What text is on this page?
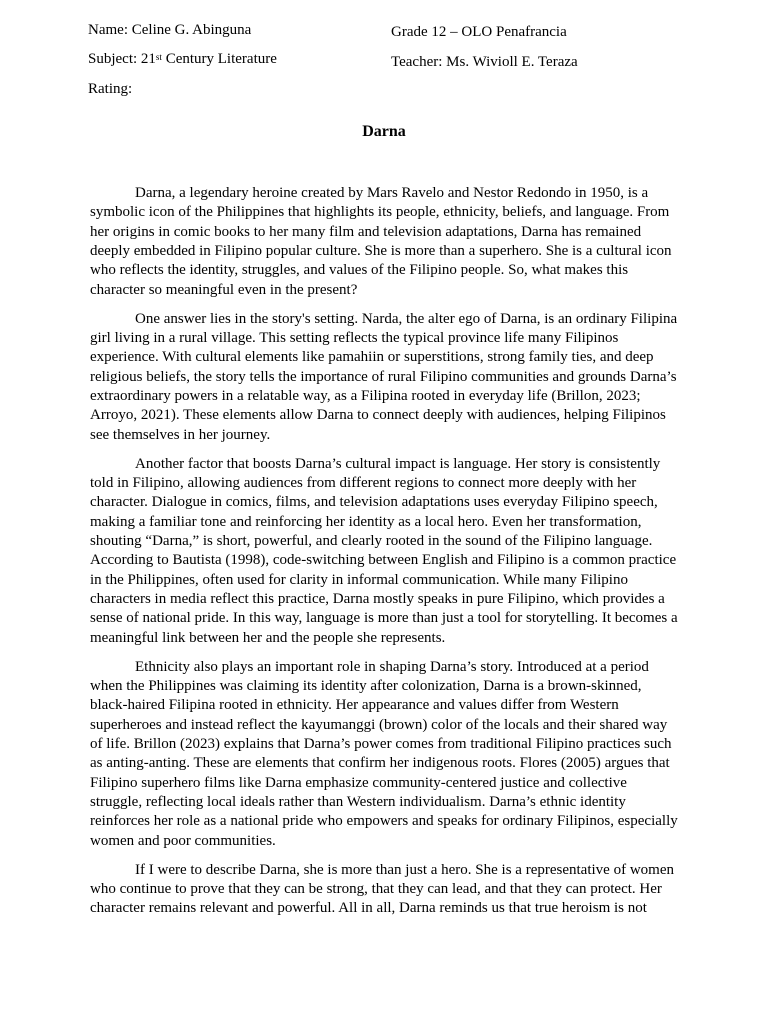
Name: Celine G. Abinguna
Subject: 21st Century Literature
Rating:
Grade 12 – OLO Penafrancia
Teacher: Ms. Wivioll E. Teraza
Darna

Darna, a legendary heroine created by Mars Ravelo and Nestor Redondo in 1950, is a symbolic icon of the Philippines that highlights its people, ethnicity, beliefs, and language. From her origins in comic books to her many film and television adaptations, Darna has remained deeply embedded in Filipino popular culture. She is more than a superhero. She is a cultural icon who reflects the identity, struggles, and values of the Filipino people. So, what makes this character so meaningful even in the present?

One answer lies in the story's setting. Narda, the alter ego of Darna, is an ordinary Filipina girl living in a rural village. This setting reflects the typical province life many Filipinos experience. With cultural elements like pamahiin or superstitions, strong family ties, and deep religious beliefs, the story tells the importance of rural Filipino communities and grounds Darna’s extraordinary powers in a relatable way, as a Filipina rooted in everyday life (Brillon, 2023; Arroyo, 2021). These elements allow Darna to connect deeply with audiences, helping Filipinos see themselves in her journey.

Another factor that boosts Darna’s cultural impact is language. Her story is consistently told in Filipino, allowing audiences from different regions to connect more deeply with her character. Dialogue in comics, films, and television adaptations uses everyday Filipino speech, making a familiar tone and reinforcing her identity as a local hero. Even her transformation, shouting “Darna,” is short, powerful, and clearly rooted in the sound of the Filipino language. According to Bautista (1998), code-switching between English and Filipino is a common practice in the Philippines, often used for clarity in informal communication. While many Filipino characters in media reflect this practice, Darna mostly speaks in pure Filipino, which provides a sense of national pride. In this way, language is more than just a tool for storytelling. It becomes a meaningful link between her and the people she represents.

Ethnicity also plays an important role in shaping Darna’s story. Introduced at a period when the Philippines was claiming its identity after colonization, Darna is a brown-skinned, black-haired Filipina rooted in ethnicity. Her appearance and values differ from Western superheroes and instead reflect the kayumanggi (brown) color of the locals and their shared way of life. Brillon (2023) explains that Darna’s power comes from traditional Filipino practices such as anting-anting. These are elements that confirm her indigenous roots. Flores (2005) argues that Filipino superhero films like Darna emphasize community-centered justice and collective struggle, reflecting local ideals rather than Western individualism. Darna’s ethnic identity reinforces her role as a national pride who empowers and speaks for ordinary Filipinos, especially women and poor communities.

If I were to describe Darna, she is more than just a hero. She is a representative of women who continue to prove that they can be strong, that they can lead, and that they can protect. Her character remains relevant and powerful. All in all, Darna reminds us that true heroism is not
